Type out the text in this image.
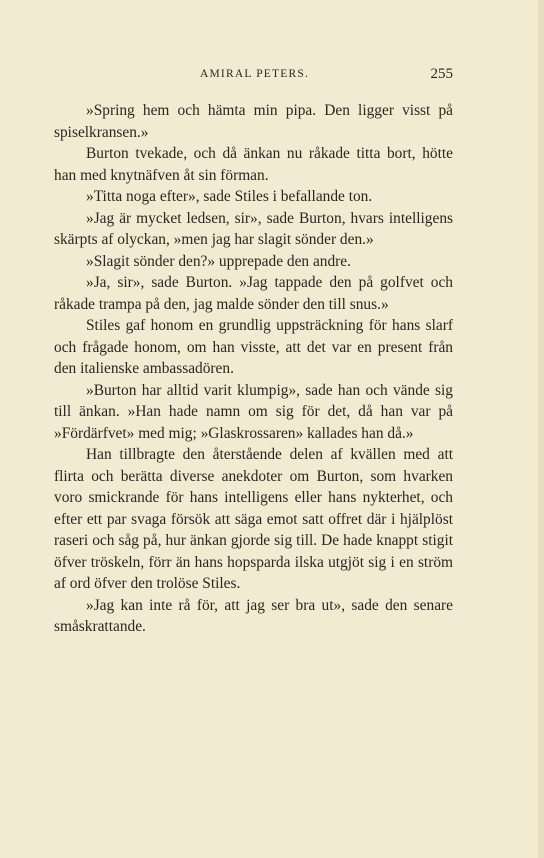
AMIRAL PETERS.	255

»Spring hem och hämta min pipa. Den ligger visst på spiselkransen.»

Burton tvekade, och då änkan nu råkade titta bort, hötte han med knytnäfven åt sin förman.

»Titta noga efter», sade Stiles i befallande ton.

»Jag är mycket ledsen, sir», sade Burton, hvars intelligens skärpts af olyckan, »men jag har slagit sönder den.»

»Slagit sönder den?» upprepade den andre.

»Ja, sir», sade Burton. »Jag tappade den på golfvet och råkade trampa på den, jag malde sönder den till snus.»

Stiles gaf honom en grundlig uppsträckning för hans slarf och frågade honom, om han visste, att det var en present från den italienske ambassadören.

»Burton har alltid varit klumpig», sade han och vände sig till änkan. »Han hade namn om sig för det, då han var på »Fördärfvet» med mig; »Glaskrossaren» kallades han då.»

Han tillbragte den återstående delen af kvällen med att flirta och berätta diverse anekdoter om Burton, som hvarken voro smickrande för hans intelligens eller hans nykterhet, och efter ett par svaga försök att säga emot satt offret där i hjälplöst raseri och såg på, hur änkan gjorde sig till. De hade knappt stigit öfver tröskeln, förr än hans hopsparda ilska utgjöt sig i en ström af ord öfver den trolöse Stiles.

»Jag kan inte rå för, att jag ser bra ut», sade den senare småskrattande.
